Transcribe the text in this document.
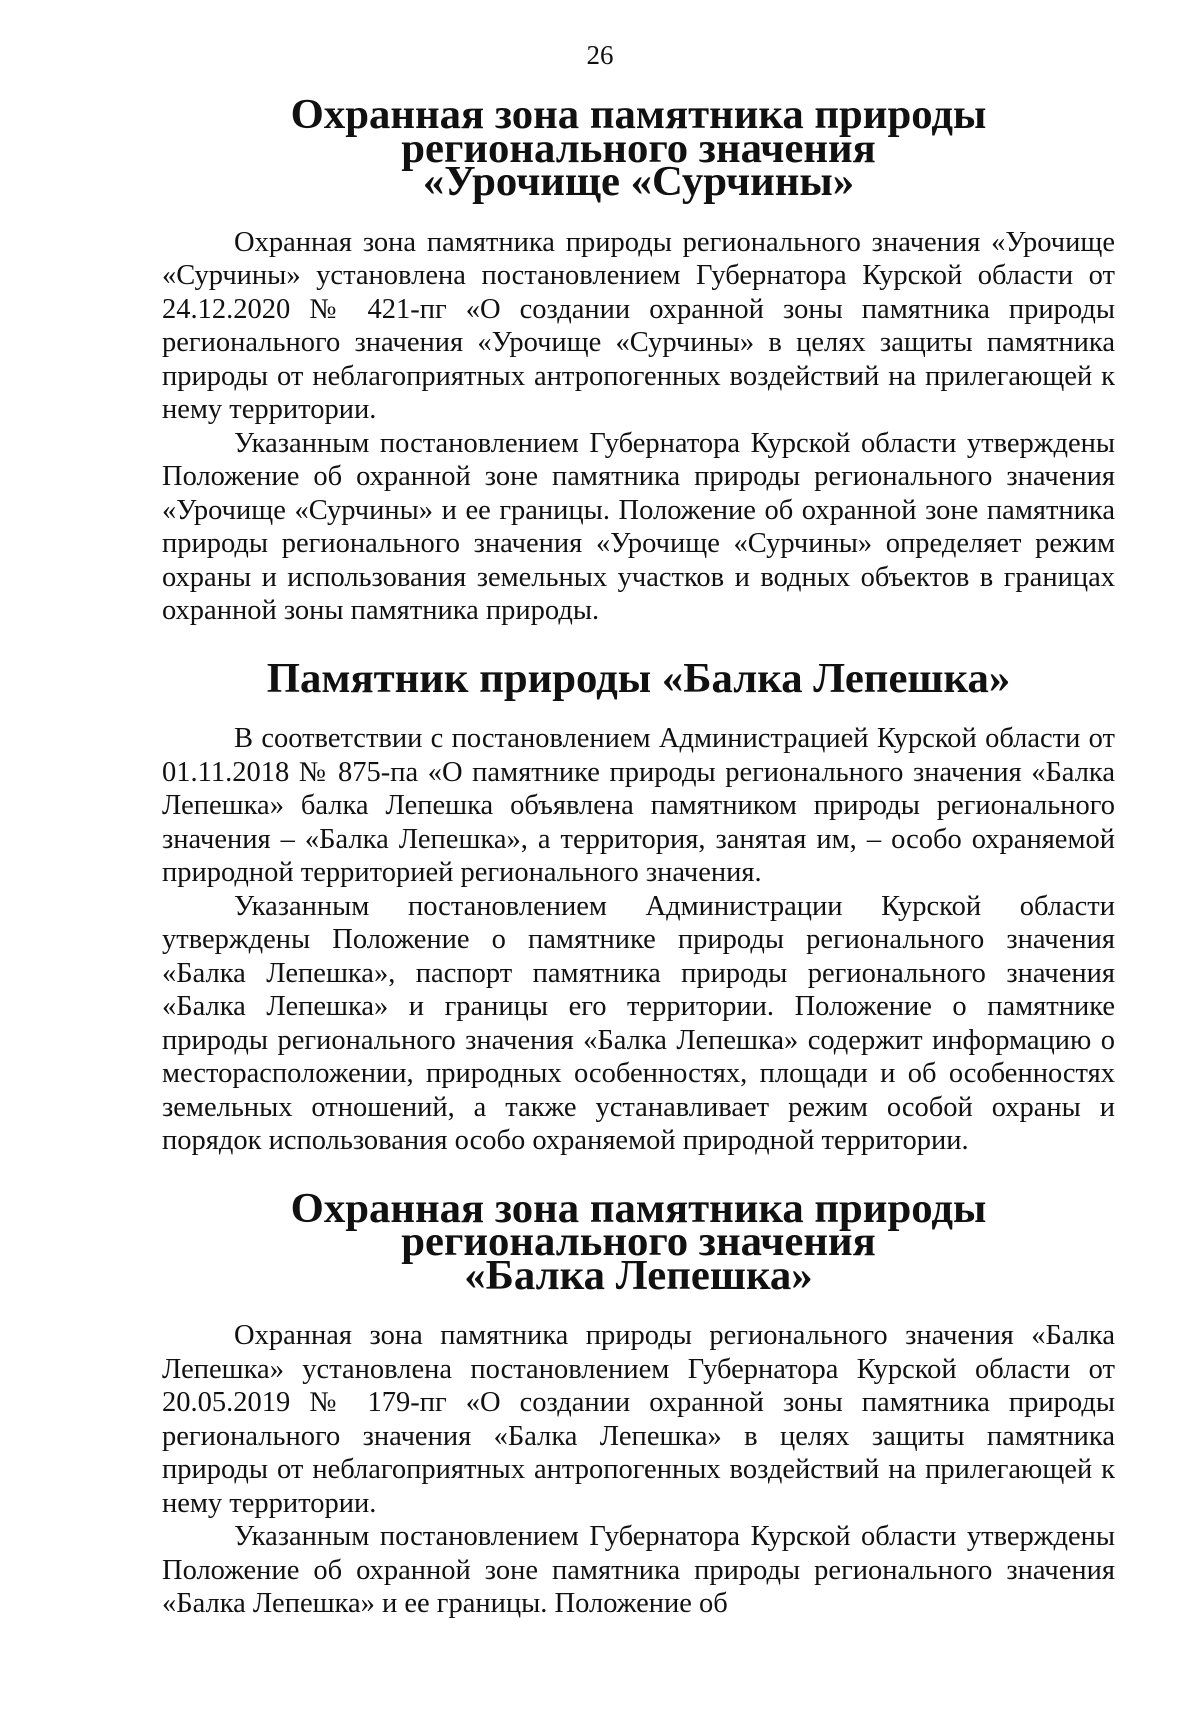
26
Охранная зона памятника природы регионального значения
«Урочище «Сурчины»

Охранная зона памятника природы регионального значения «Урочище «Сурчины» установлена постановлением Губернатора Курской области от 24.12.2020 № 421-пг «О создании охранной зоны памятника природы регионального значения «Урочище «Сурчины» в целях защиты памятника природы от неблагоприятных антропогенных воздействий на прилегающей к нему территории.

Указанным постановлением Губернатора Курской области утверждены Положение об охранной зоне памятника природы регионального значения «Урочище «Сурчины» и ее границы. Положение об охранной зоне памятника природы регионального значения «Урочище «Сурчины» определяет режим охраны и использования земельных участков и водных объектов в границах охранной зоны памятника природы.

Памятник природы «Балка Лепешка»

В соответствии с постановлением Администрацией Курской области от 01.11.2018 № 875-па «О памятнике природы регионального значения «Балка Лепешка» балка Лепешка объявлена памятником природы регионального значения – «Балка Лепешка», а территория, занятая им, – особо охраняемой природной территорией регионального значения.

Указанным постановлением Администрации Курской области утверждены Положение о памятнике природы регионального значения «Балка Лепешка», паспорт памятника природы регионального значения «Балка Лепешка» и границы его территории. Положение о памятнике природы регионального значения «Балка Лепешка» содержит информацию о месторасположении, природных особенностях, площади и об особенностях земельных отношений, а также устанавливает режим особой охраны и порядок использования особо охраняемой природной территории.

Охранная зона памятника природы регионального значения
«Балка Лепешка»

Охранная зона памятника природы регионального значения «Балка Лепешка» установлена постановлением Губернатора Курской области от 20.05.2019 № 179-пг «О создании охранной зоны памятника природы регионального значения «Балка Лепешка» в целях защиты памятника природы от неблагоприятных антропогенных воздействий на прилегающей к нему территории.

Указанным постановлением Губернатора Курской области утверждены Положение об охранной зоне памятника природы регионального значения «Балка Лепешка» и ее границы. Положение об
